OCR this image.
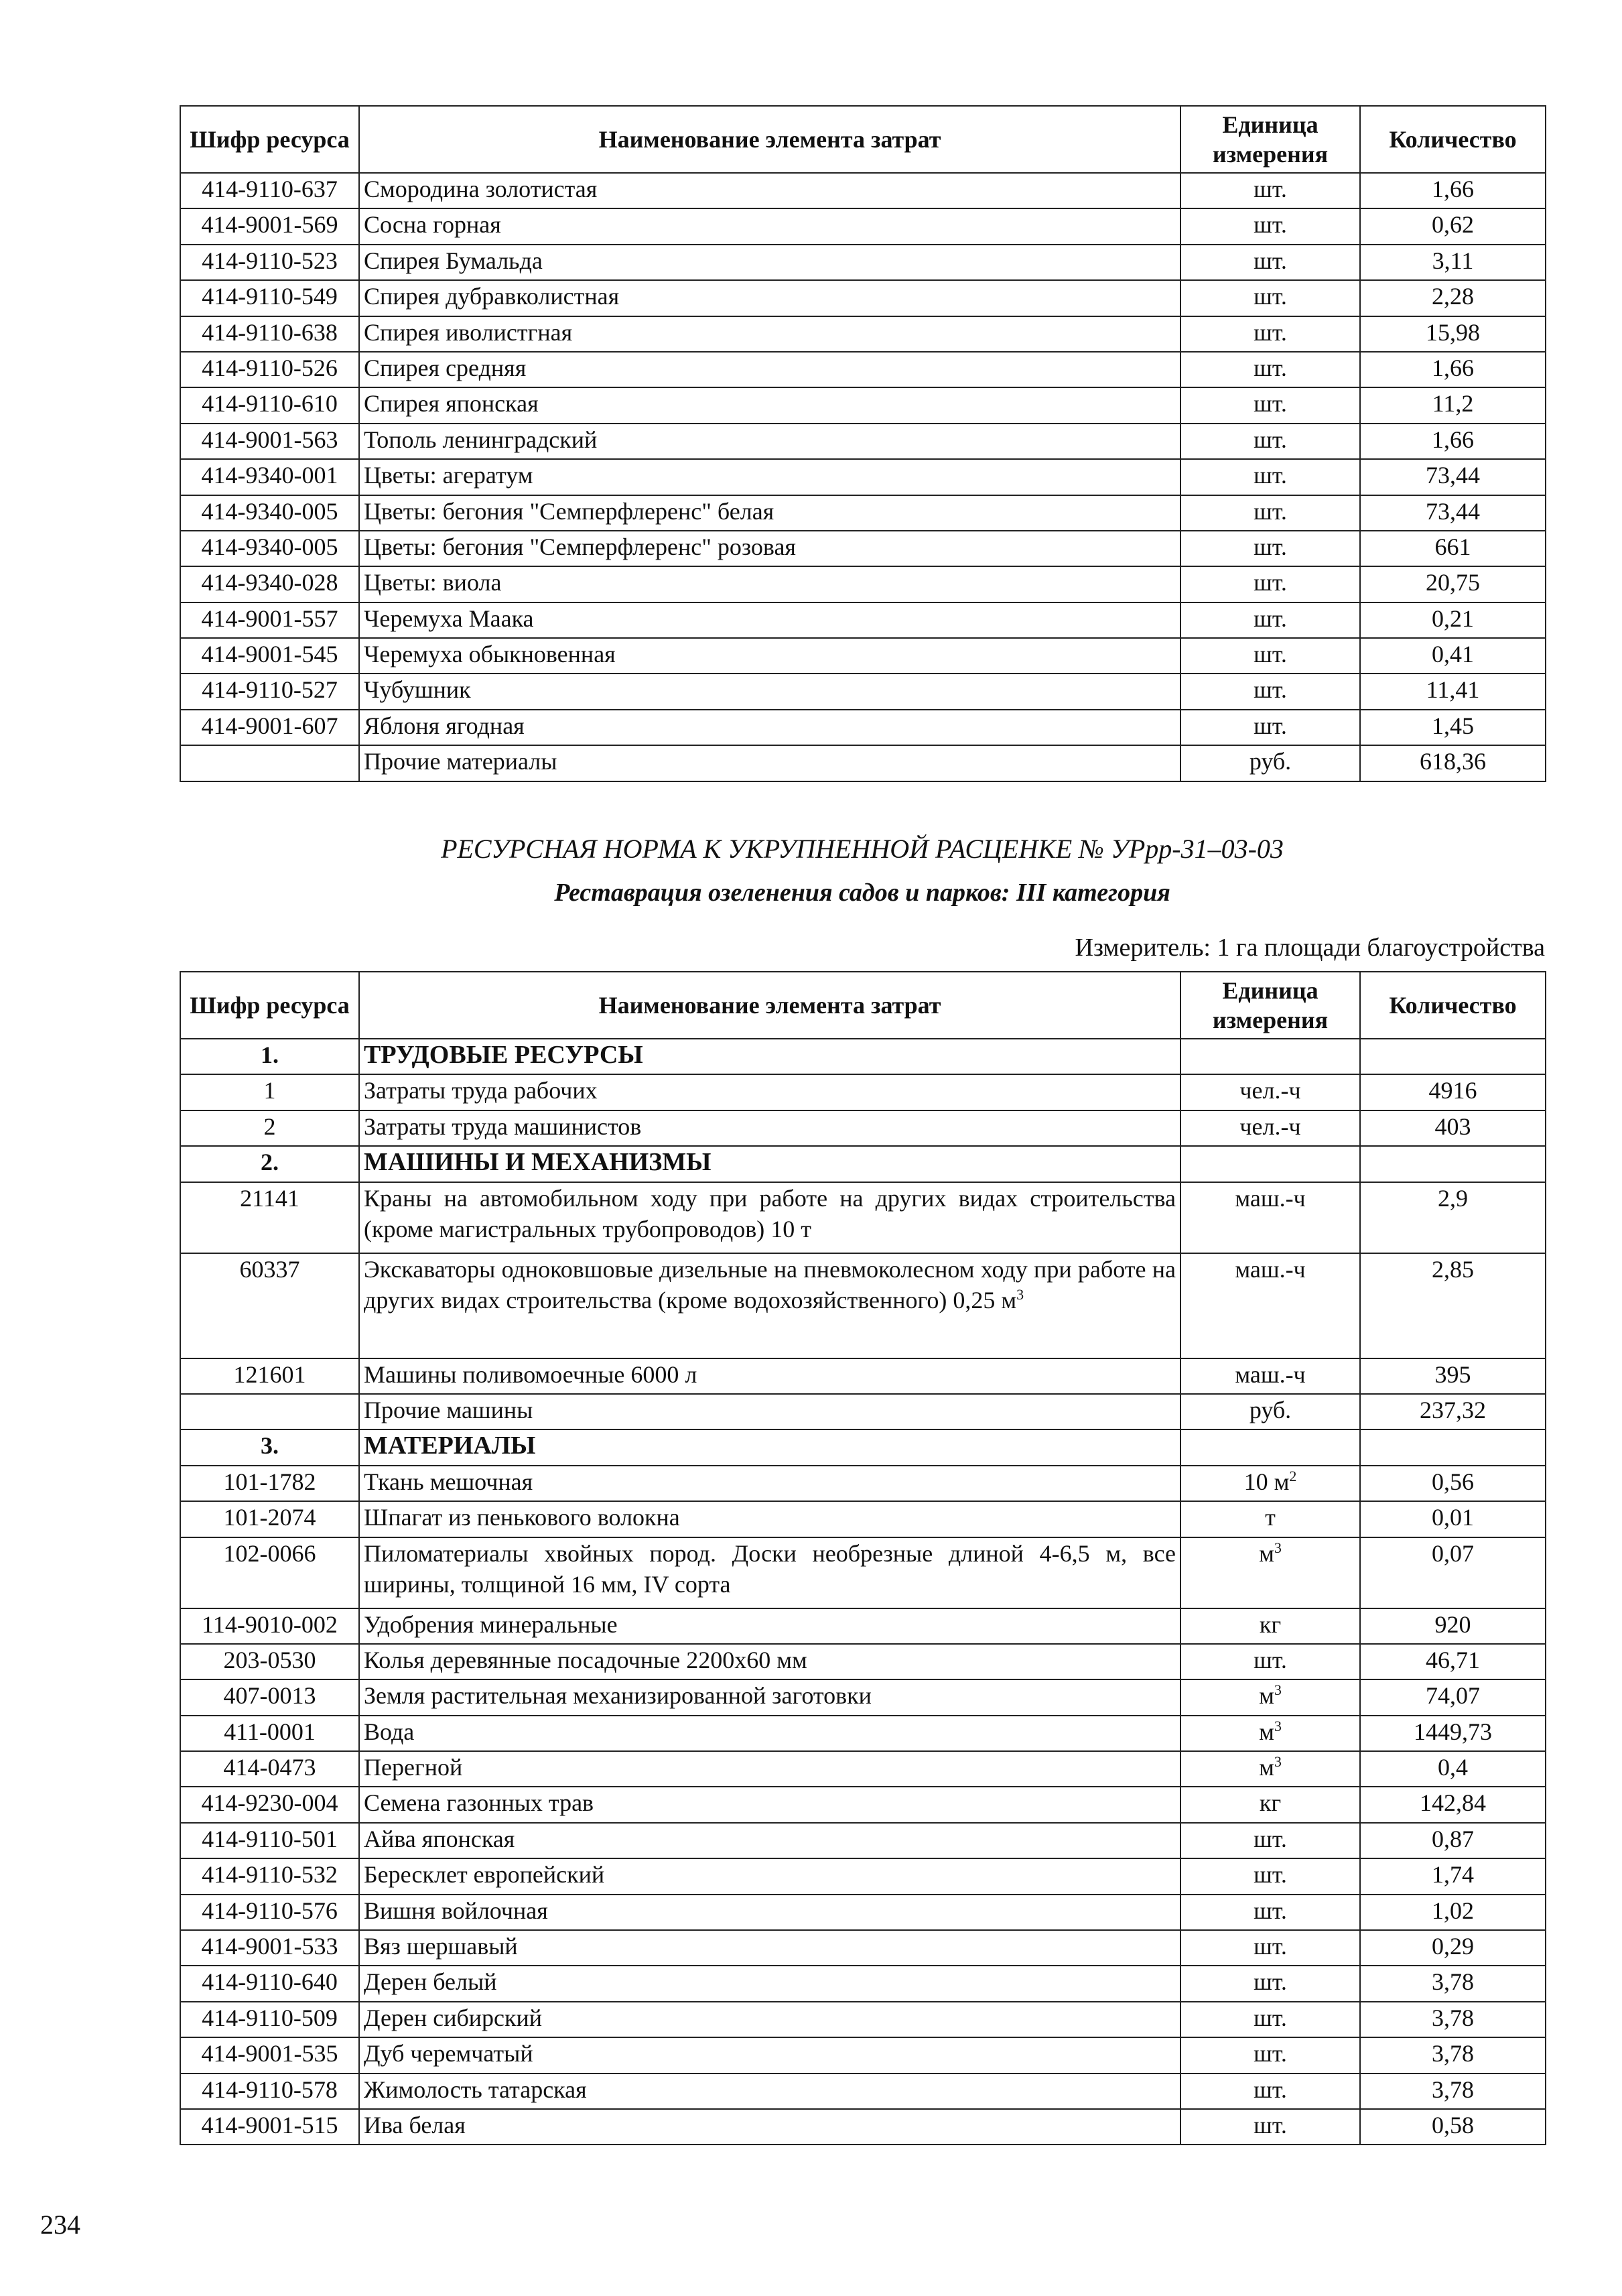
Шифр ресурса	Наименование элемента затрат	Единица измерения	Количество
414-9110-637	Смородина золотистая	шт.	1,66
414-9001-569	Сосна горная	шт.	0,62
414-9110-523	Спирея Бумальда	шт.	3,11
414-9110-549	Спирея дубравколистная	шт.	2,28
414-9110-638	Спирея иволистгная	шт.	15,98
414-9110-526	Спирея средняя	шт.	1,66
414-9110-610	Спирея японская	шт.	11,2
414-9001-563	Тополь ленинградский	шт.	1,66
414-9340-001	Цветы: агератум	шт.	73,44
414-9340-005	Цветы: бегония "Семперфлеренс" белая	шт.	73,44
414-9340-005	Цветы: бегония "Семперфлеренс" розовая	шт.	661
414-9340-028	Цветы: виола	шт.	20,75
414-9001-557	Черемуха Маака	шт.	0,21
414-9001-545	Черемуха обыкновенная	шт.	0,41
414-9110-527	Чубушник	шт.	11,41
414-9001-607	Яблоня ягодная	шт.	1,45
	Прочие материалы	руб.	618,36
РЕСУРСНАЯ НОРМА К УКРУПНЕННОЙ РАСЦЕНКЕ № УРрр-31–03-03
Реставрация озеленения садов и парков: III категория
Измеритель: 1 га площади благоустройства
Шифр ресурса	Наименование элемента затрат	Единица измерения	Количество
1.	ТРУДОВЫЕ РЕСУРСЫ		
1	Затраты труда рабочих	чел.-ч	4916
2	Затраты труда машинистов	чел.-ч	403
2.	МАШИНЫ И МЕХАНИЗМЫ		
21141	Краны на автомобильном ходу при работе на других видах строительства (кроме магистральных трубопроводов) 10 т	маш.-ч	2,9
60337	Экскаваторы одноковшовые дизельные на пневмоколесном ходу при работе на других видах строительства (кроме водохозяйственного) 0,25 $м^3$	маш.-ч	2,85
121601	Машины поливомоечные 6000 л	маш.-ч	395
	Прочие машины	руб.	237,32
3.	МАТЕРИАЛЫ		
101-1782	Ткань мешочная	10 $м^2$	0,56
101-2074	Шпагат из пенькового волокна	т	0,01
102-0066	Пиломатериалы хвойных пород. Доски необрезные длиной 4-6,5 м, все ширины, толщиной 16 мм, IV сорта	$м^3$	0,07
114-9010-002	Удобрения минеральные	кг	920
203-0530	Колья деревянные посадочные 2200х60 мм	шт.	46,71
407-0013	Земля растительная механизированной заготовки	$м^3$	74,07
411-0001	Вода	$м^3$	1449,73
414-0473	Перегной	$м^3$	0,4
414-9230-004	Семена газонных трав	кг	142,84
414-9110-501	Айва японская	шт.	0,87
414-9110-532	Бересклет европейский	шт.	1,74
414-9110-576	Вишня войлочная	шт.	1,02
414-9001-533	Вяз шершавый	шт.	0,29
414-9110-640	Дерен белый	шт.	3,78
414-9110-509	Дерен сибирский	шт.	3,78
414-9001-535	Дуб черемчатый	шт.	3,78
414-9110-578	Жимолость татарская	шт.	3,78
414-9001-515	Ива белая	шт.	0,58
234
